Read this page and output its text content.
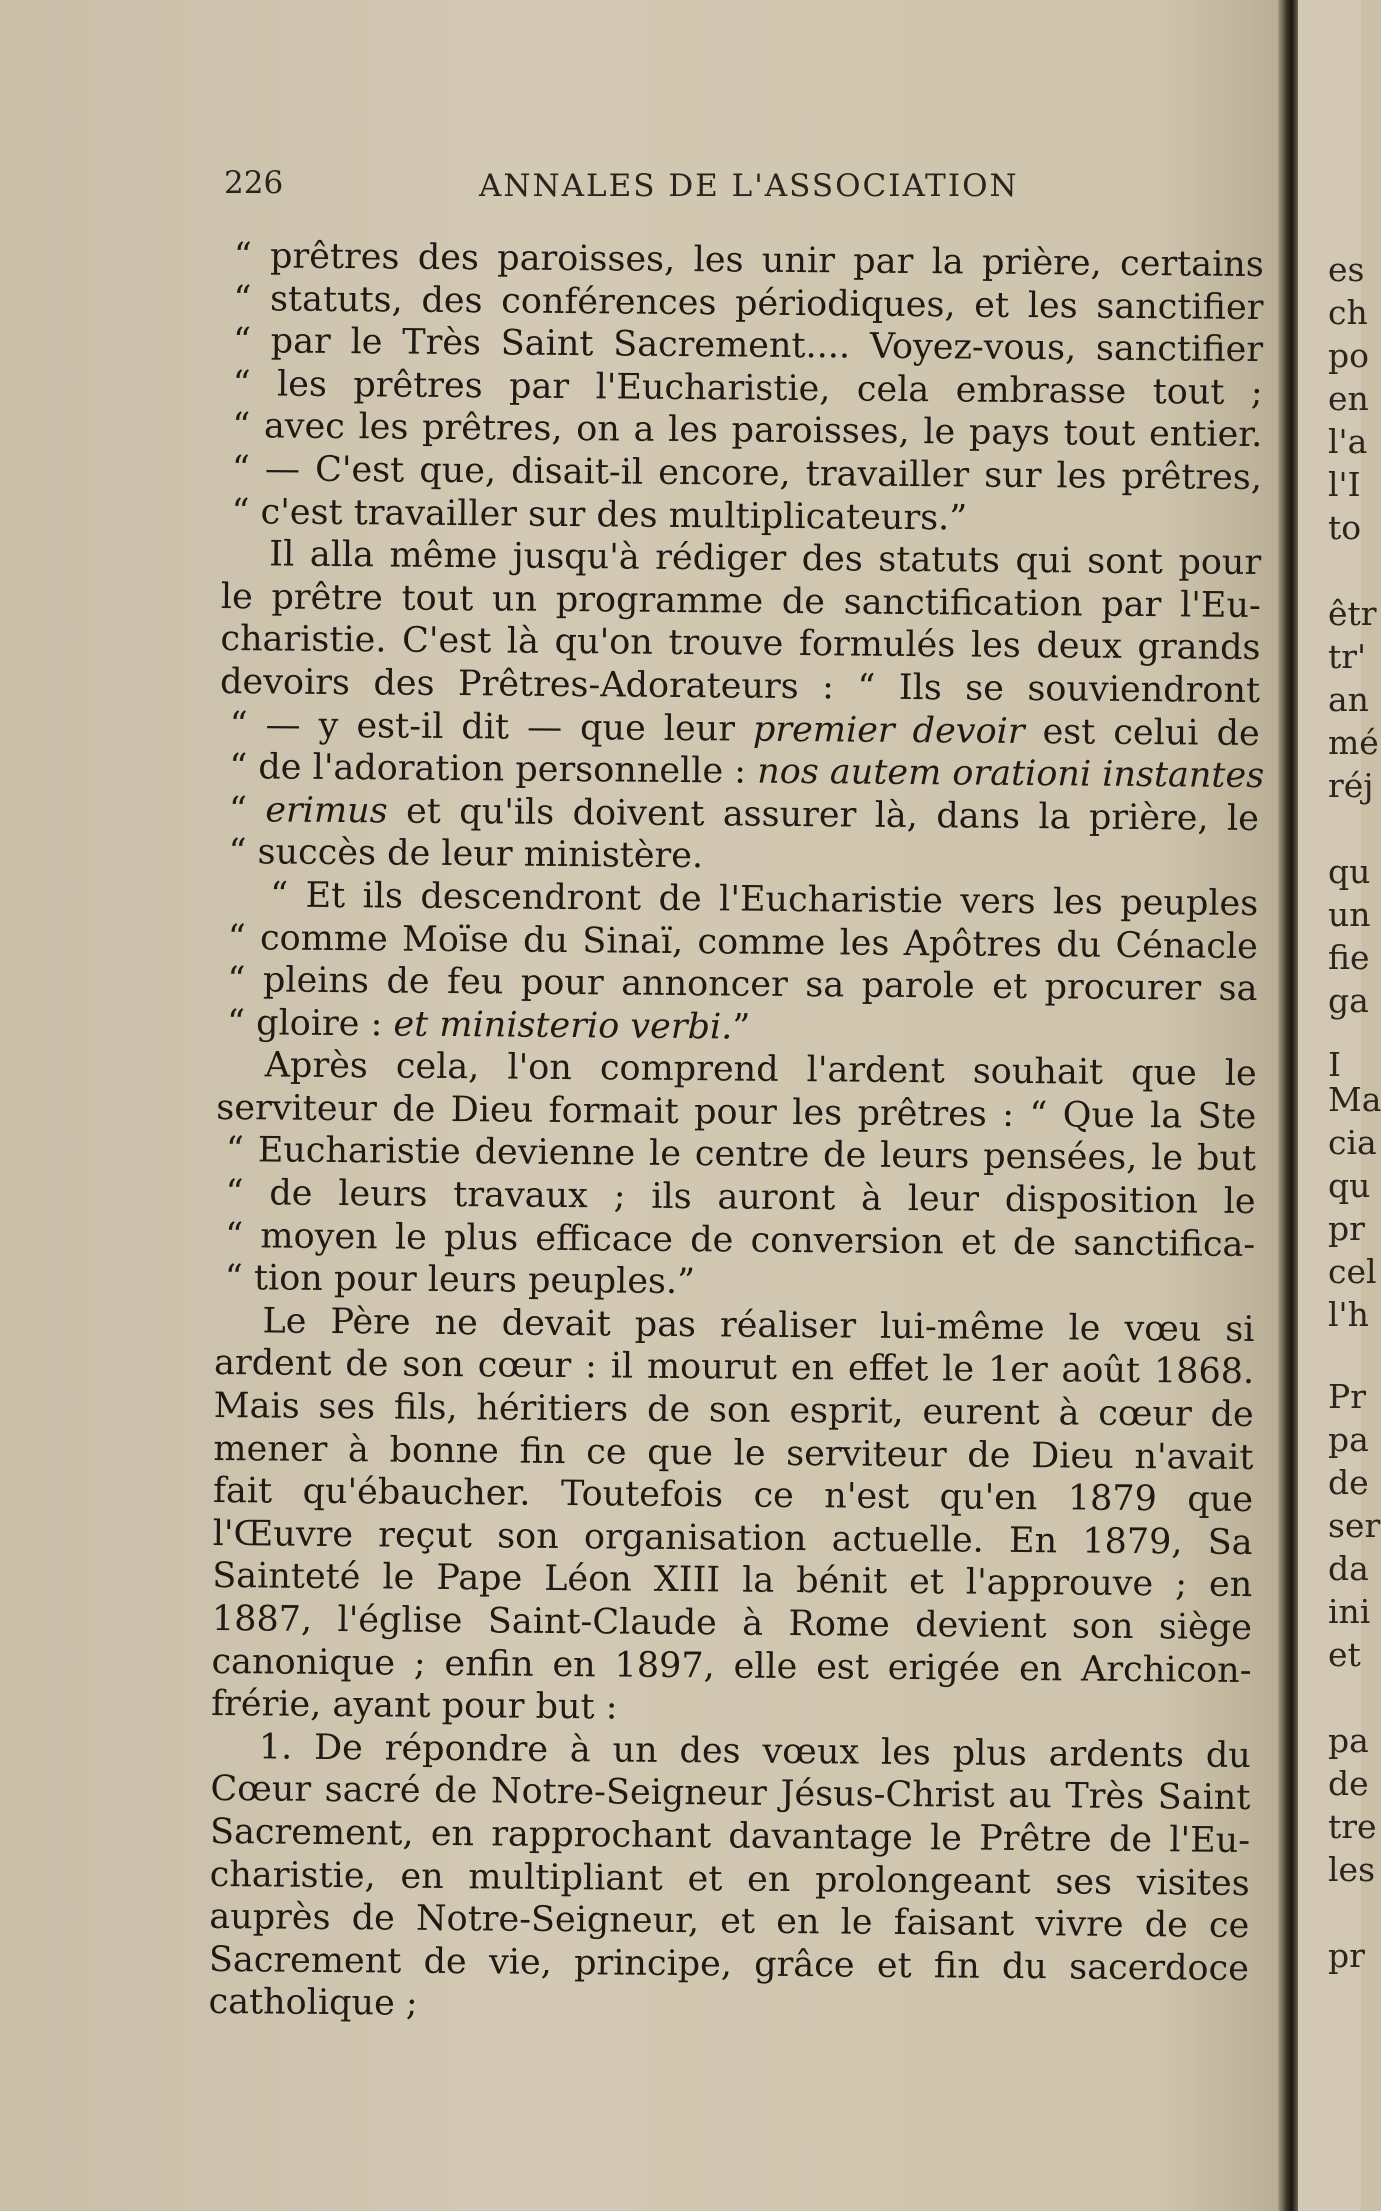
226	ANNALES DE L'ASSOCIATION
“ prêtres des paroisses, les unir par la prière, certains
“ statuts, des conférences périodiques, et les sanctifier
“ par le Très Saint Sacrement.... Voyez-vous, sanctifier
“ les prêtres par l'Eucharistie, cela embrasse tout ;
“ avec les prêtres, on a les paroisses, le pays tout entier.
“ — C'est que, disait-il encore, travailler sur les prêtres,
“ c'est travailler sur des multiplicateurs.”
Il alla même jusqu'à rédiger des statuts qui sont pour
le prêtre tout un programme de sanctification par l'Eu-
charistie. C'est là qu'on trouve formulés les deux grands
devoirs des Prêtres-Adorateurs : “ Ils se souviendront
“ — y est-il dit — que leur premier devoir est celui de
“ de l'adoration personnelle : nos autem orationi instantes
“ erimus et qu'ils doivent assurer là, dans la prière, le
“ succès de leur ministère.
“ Et ils descendront de l'Eucharistie vers les peuples
“ comme Moïse du Sinaï, comme les Apôtres du Cénacle
“ pleins de feu pour annoncer sa parole et procurer sa
“ gloire : et ministerio verbi.”
Après cela, l'on comprend l'ardent souhait que le
serviteur de Dieu formait pour les prêtres : “ Que la Ste
“ Eucharistie devienne le centre de leurs pensées, le but
“ de leurs travaux ; ils auront à leur disposition le
“ moyen le plus efficace de conversion et de sanctifica-
“ tion pour leurs peuples.”
Le Père ne devait pas réaliser lui-même le vœu si
ardent de son cœur : il mourut en effet le 1er août 1868.
Mais ses fils, héritiers de son esprit, eurent à cœur de
mener à bonne fin ce que le serviteur de Dieu n'avait
fait qu'ébaucher. Toutefois ce n'est qu'en 1879 que
l'Œuvre reçut son organisation actuelle. En 1879, Sa
Sainteté le Pape Léon XIII la bénit et l'approuve ; en
1887, l'église Saint-Claude à Rome devient son siège
canonique ; enfin en 1897, elle est erigée en Archicon-
frérie, ayant pour but :
1. De répondre à un des vœux les plus ardents du
Cœur sacré de Notre-Seigneur Jésus-Christ au Très Saint
Sacrement, en rapprochant davantage le Prêtre de l'Eu-
charistie, en multipliant et en prolongeant ses visites
auprès de Notre-Seigneur, et en le faisant vivre de ce
Sacrement de vie, principe, grâce et fin du sacerdoce
catholique ;
es
ch
po
en
l'a
l'I
to
êtr
tr'
an
mé
réj
qu
un
fie
ga
I
Ma
cia
qu
pr
cel
l'h
Pr
pa
de
ser
da
ini
et
pa
de
tre
les
pr
